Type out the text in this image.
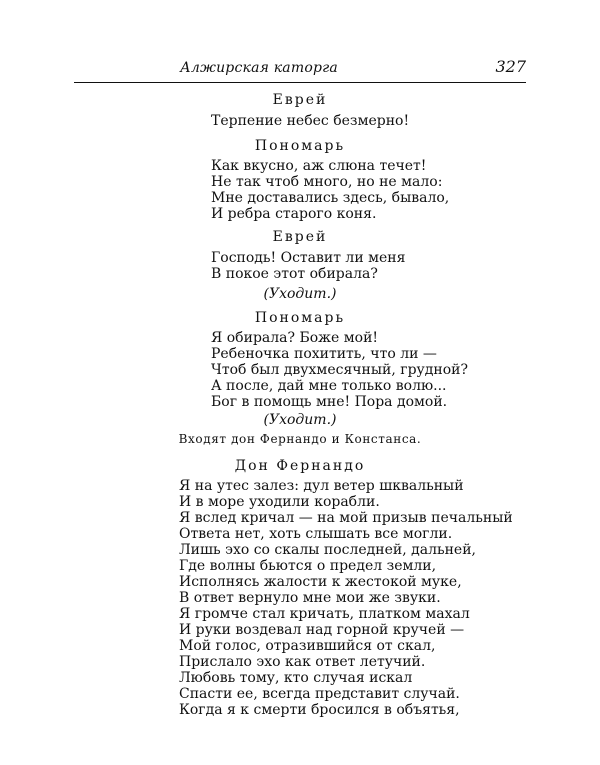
Алжирская каторга	327
Еврей
Терпение небес безмерно!
Пономарь
Как вкусно, аж слюна течет!
Не так чтоб много, но не мало:
Мне доставались здесь, бывало,
И ребра старого коня.
Еврей
Господь! Оставит ли меня
В покое этот обирала?
(Уходит.)
Пономарь
Я обирала? Боже мой!
Ребеночка похитить, что ли —
Чтоб был двухмесячный, грудной?
А после, дай мне только волю...
Бог в помощь мне! Пора домой.
(Уходит.)
Входят дон Фернандо и Констанса.
Дон Фернандо
Я на утес залез: дул ветер шквальный
И в море уходили корабли.
Я вслед кричал — на мой призыв печальный
Ответа нет, хоть слышать все могли.
Лишь эхо со скалы последней, дальней,
Где волны бьются о предел земли,
Исполнясь жалости к жестокой муке,
В ответ вернуло мне мои же звуки.
Я громче стал кричать, платком махал
И руки воздевал над горной кручей —
Мой голос, отразившийся от скал,
Прислало эхо как ответ летучий.
Любовь тому, кто случая искал
Спасти ее, всегда представит случай.
Когда я к смерти бросился в объятья,
